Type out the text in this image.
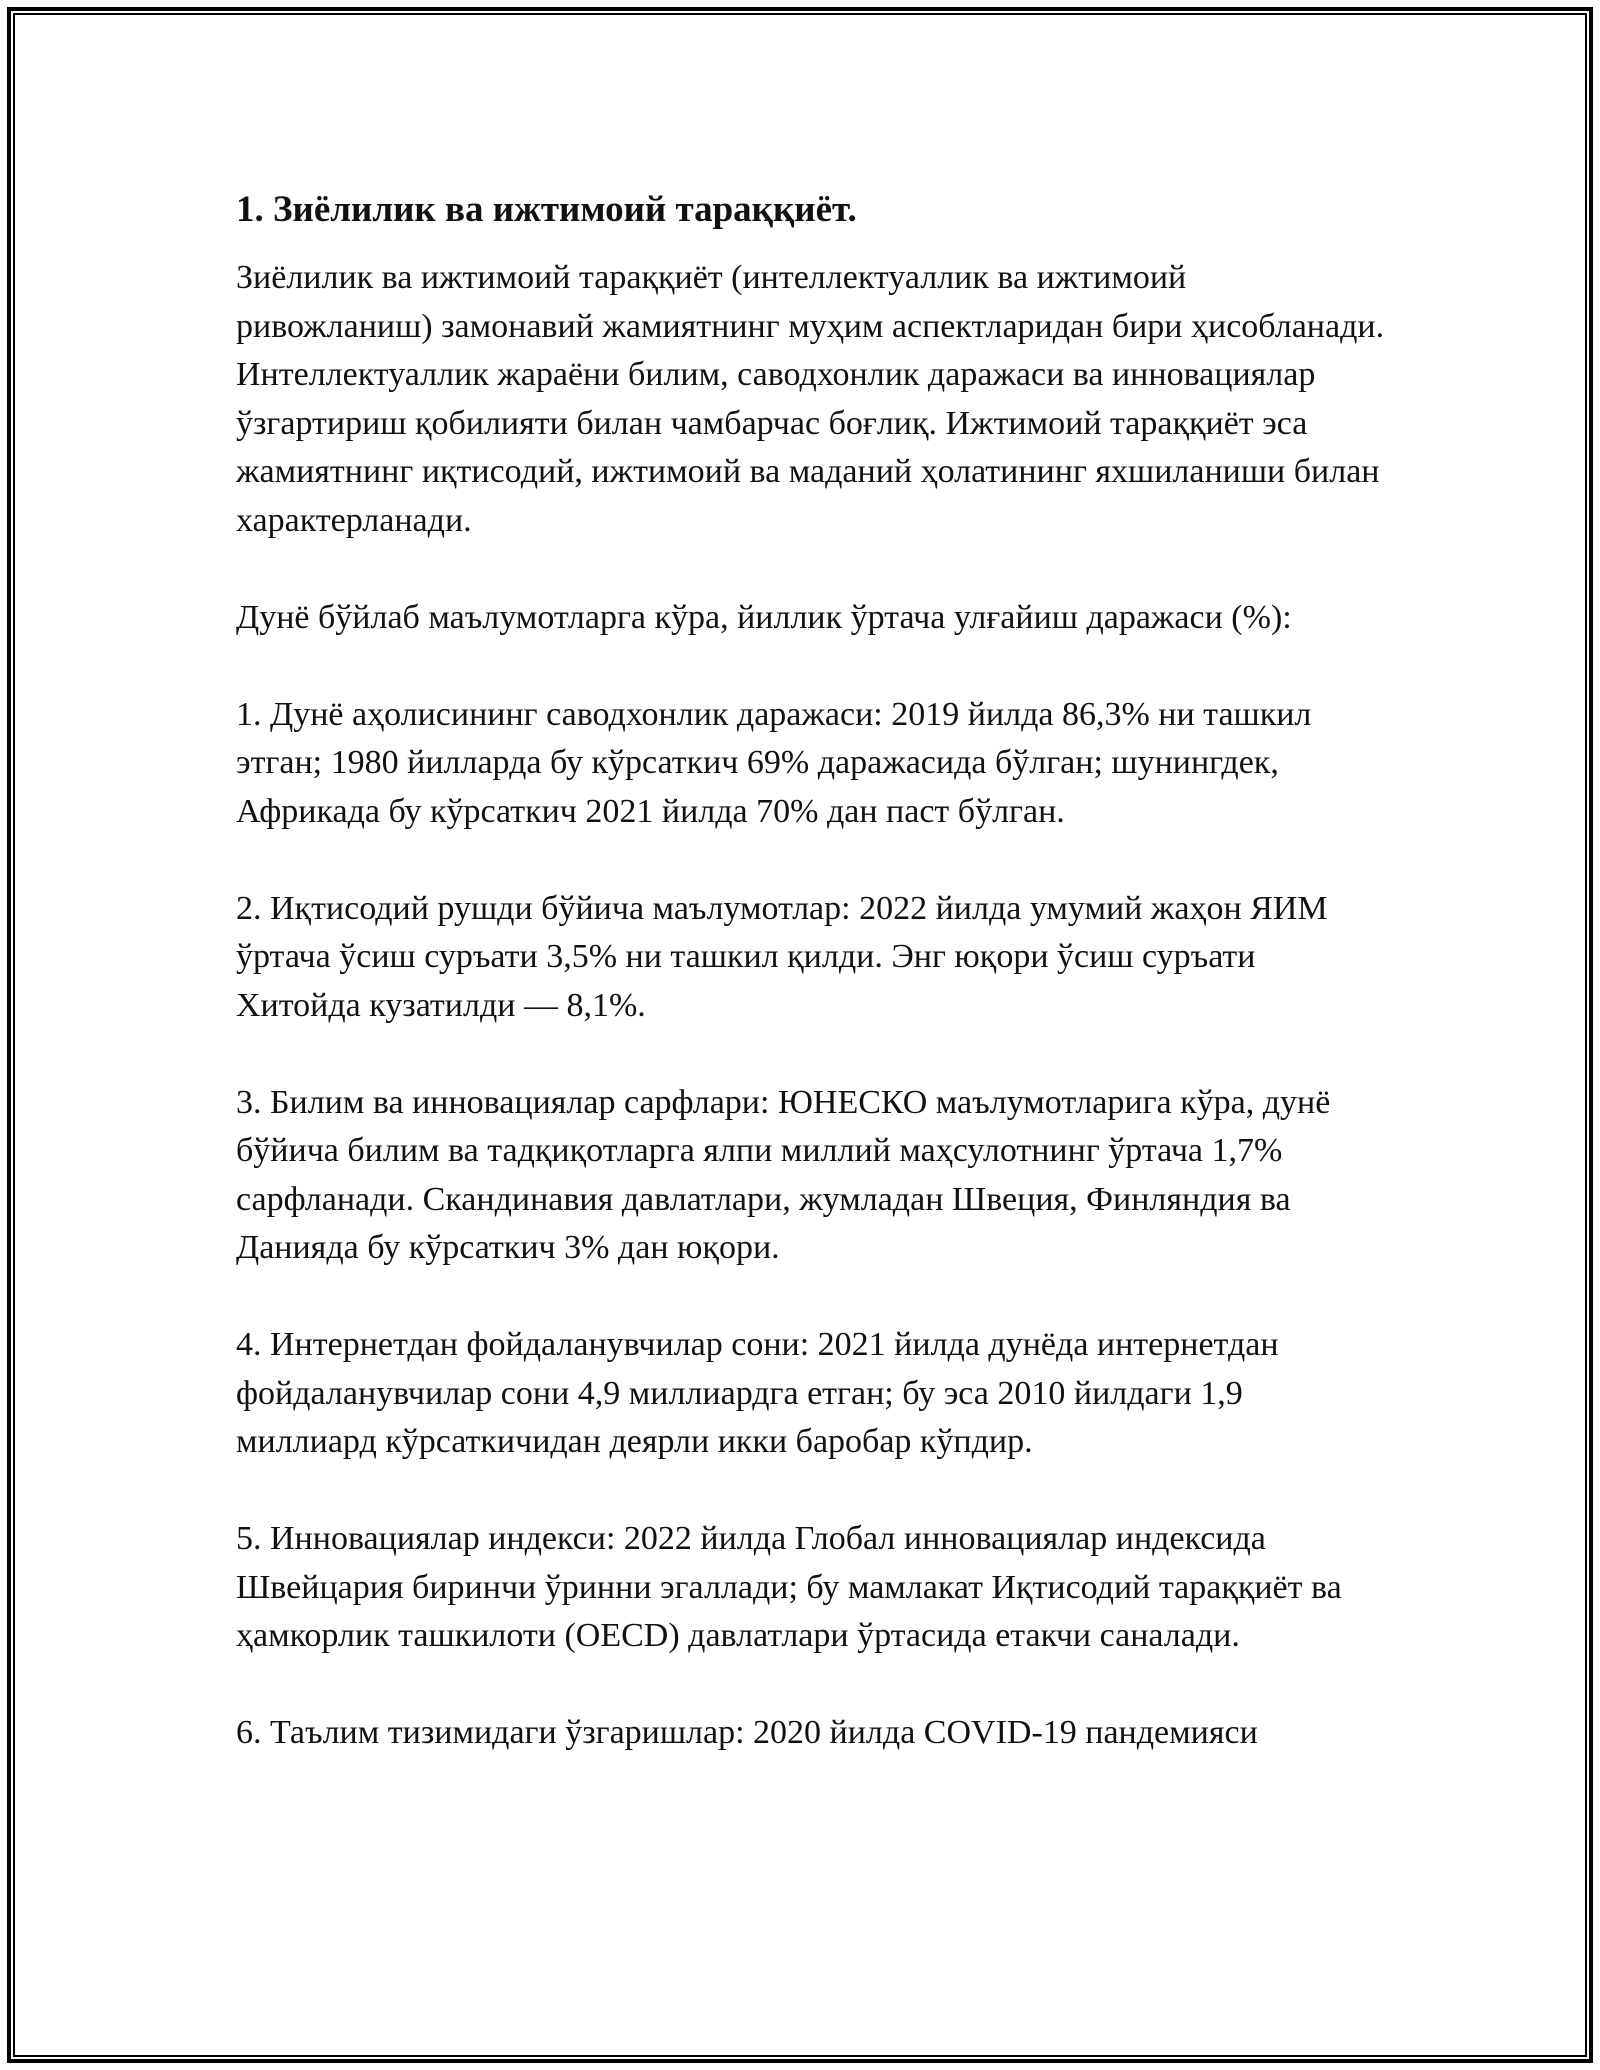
1. Зиёлилик ва ижтимоий тараққиёт.

Зиёлилик ва ижтимоий тараққиёт (интеллектуаллик ва ижтимоий ривожланиш) замонавий жамиятнинг муҳим аспектларидан бири ҳисобланади. Интеллектуаллик жараёни билим, саводхонлик даражаси ва инновациялар ўзгартириш қобилияти билан чамбарчас боғлиқ. Ижтимоий тараққиёт эса жамиятнинг иқтисодий, ижтимоий ва маданий ҳолатининг яхшиланиши билан характерланади.

Дунё бўйлаб маълумотларга кўра, йиллик ўртача улғайиш даражаси (%):

1. Дунё аҳолисининг саводхонлик даражаси: 2019 йилда 86,3% ни ташкил этган; 1980 йилларда бу кўрсаткич 69% даражасида бўлган; шунингдек, Африкада бу кўрсаткич 2021 йилда 70% дан паст бўлган.

2. Иқтисодий рушди бўйича маълумотлар: 2022 йилда умумий жаҳон ЯИМ ўртача ўсиш суръати 3,5% ни ташкил қилди. Энг юқори ўсиш суръати Хитойда кузатилди — 8,1%.

3. Билим ва инновациялар сарфлари: ЮНЕСКО маълумотларига кўра, дунё бўйича билим ва тадқиқотларга ялпи миллий маҳсулотнинг ўртача 1,7% сарфланади. Скандинавия давлатлари, жумладан Швеция, Финляндия ва Данияда бу кўрсаткич 3% дан юқори.

4. Интернетдан фойдаланувчилар сони: 2021 йилда дунёда интернетдан фойдаланувчилар сони 4,9 миллиардга етган; бу эса 2010 йилдаги 1,9 миллиард кўрсаткичидан деярли икки баробар кўпдир.

5. Инновациялар индекси: 2022 йилда Глобал инновациялар индексида Швейцария биринчи ўринни эгаллади; бу мамлакат Иқтисодий тараққиёт ва ҳамкорлик ташкилоти (OECD) давлатлари ўртасида етакчи саналади.

6. Таълим тизимидаги ўзгаришлар: 2020 йилда COVID-19 пандемияси
